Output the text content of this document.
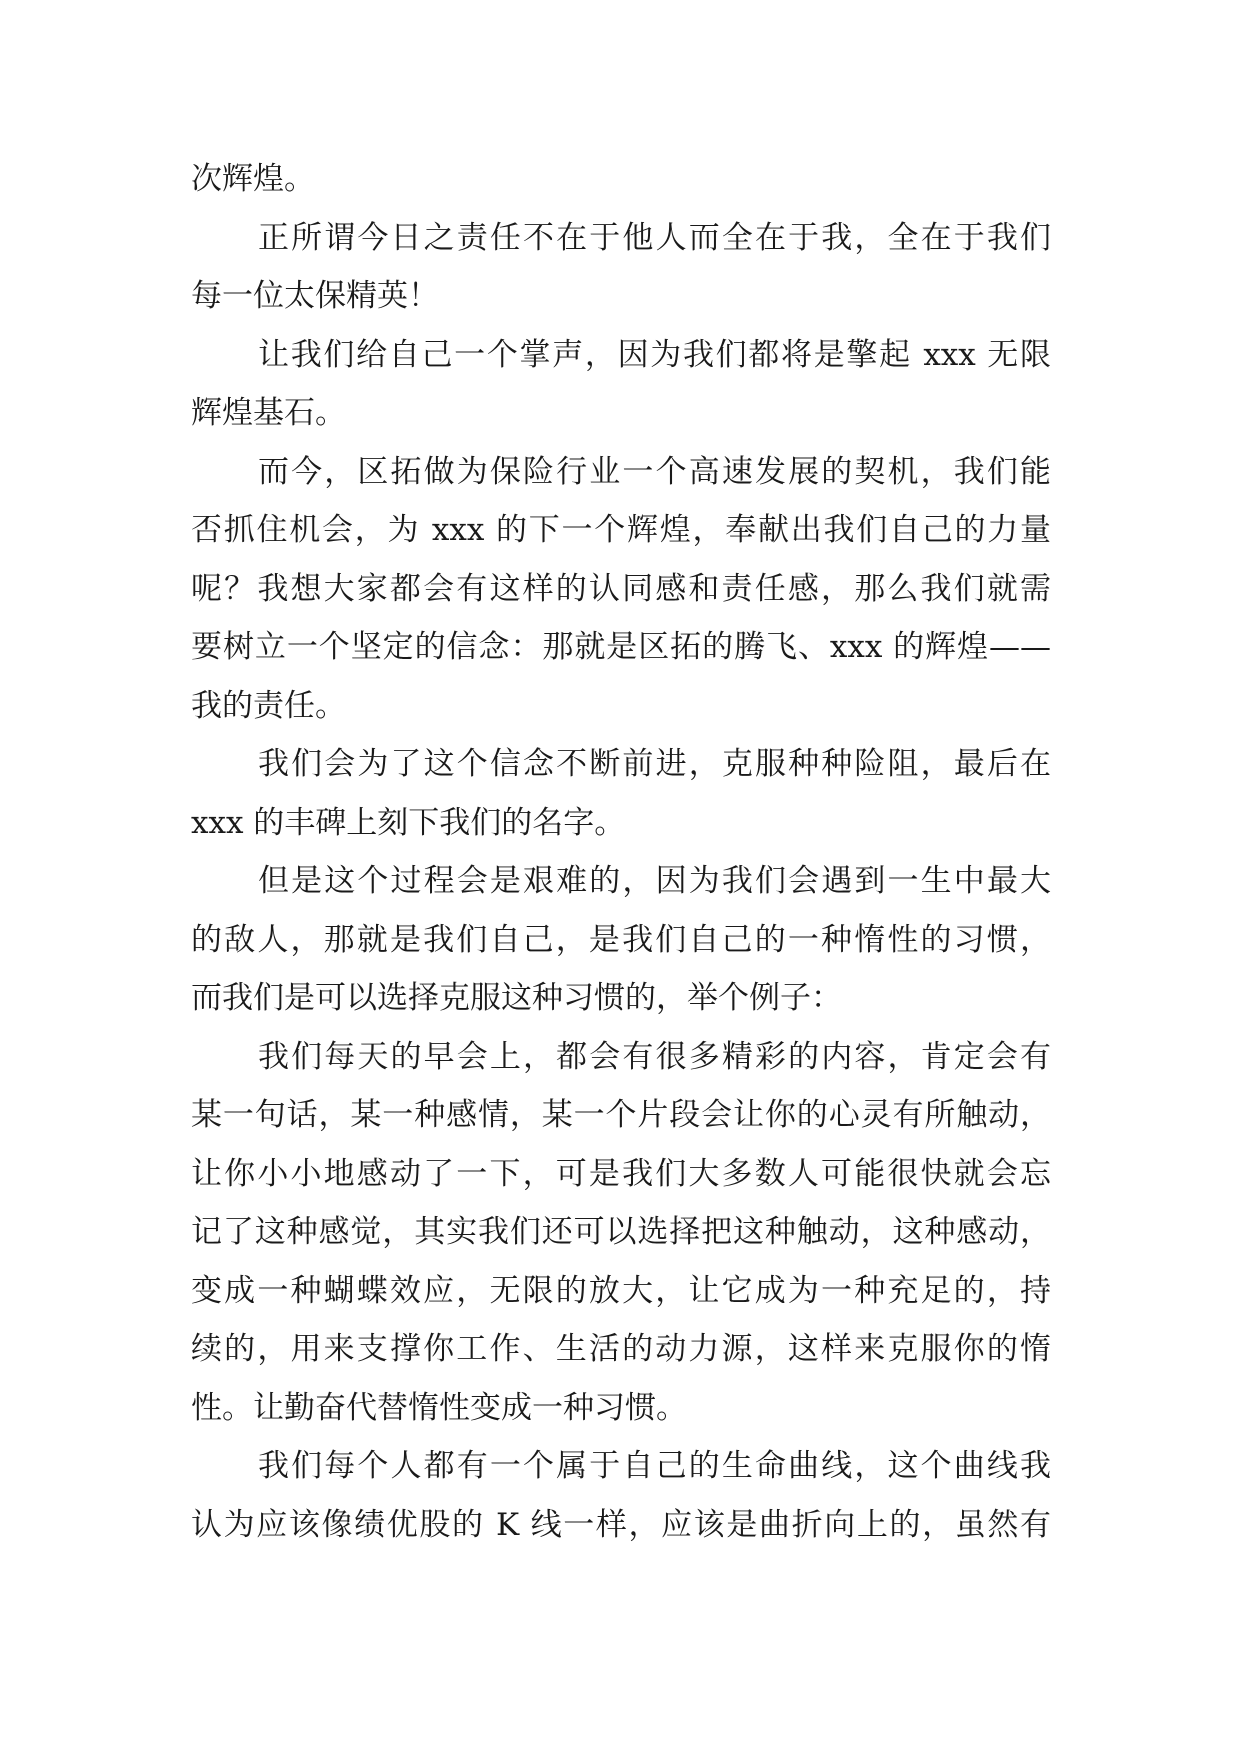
次辉煌。
正所谓今日之责任不在于他人而全在于我，全在于我们
每一位太保精英！
让我们给自己一个掌声，因为我们都将是擎起 xxx 无限
辉煌基石。
而今，区拓做为保险行业一个高速发展的契机，我们能
否抓住机会，为 xxx 的下一个辉煌，奉献出我们自己的力量
呢？我想大家都会有这样的认同感和责任感，那么我们就需
要树立一个坚定的信念：那就是区拓的腾飞、xxx 的辉煌——
我的责任。
我们会为了这个信念不断前进，克服种种险阻，最后在
xxx 的丰碑上刻下我们的名字。
但是这个过程会是艰难的，因为我们会遇到一生中最大
的敌人，那就是我们自己，是我们自己的一种惰性的习惯，
而我们是可以选择克服这种习惯的，举个例子：
我们每天的早会上，都会有很多精彩的内容，肯定会有
某一句话，某一种感情，某一个片段会让你的心灵有所触动，
让你小小地感动了一下，可是我们大多数人可能很快就会忘
记了这种感觉，其实我们还可以选择把这种触动，这种感动，
变成一种蝴蝶效应，无限的放大，让它成为一种充足的，持
续的，用来支撑你工作、生活的动力源，这样来克服你的惰
性。让勤奋代替惰性变成一种习惯。
我们每个人都有一个属于自己的生命曲线，这个曲线我
认为应该像绩优股的 K 线一样，应该是曲折向上的，虽然有
